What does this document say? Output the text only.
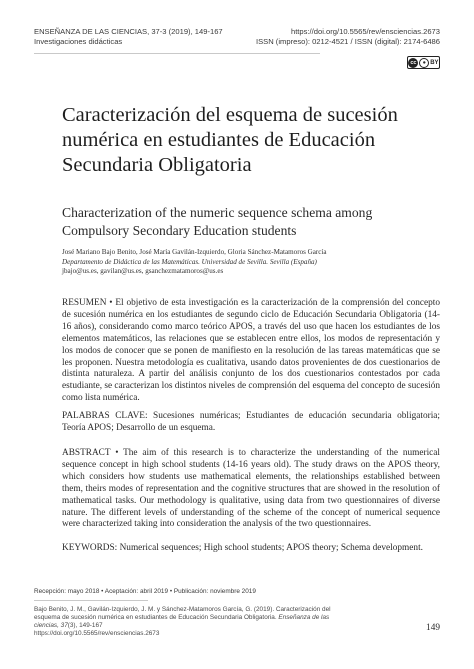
ENSEÑANZA DE LAS CIENCIAS, 37-3 (2019), 149-167
Investigaciones didácticas
https://doi.org/10.5565/rev/ensciencias.2673
ISSN (impreso): 0212-4521 / ISSN (digital): 2174-6486
cc	● BY
Caracterización del esquema de sucesión numérica en estudiantes de Educación Secundaria Obligatoria
Characterization of the numeric sequence schema among Compulsory Secondary Education students
José Mariano Bajo Benito, José María Gavilán-Izquierdo, Gloria Sánchez-Matamoros García
Departamento de Didáctica de las Matemáticas. Universidad de Sevilla. Sevilla (España)
jbajo@us.es, gavilan@us.es, gsanchezmatamoros@us.es
RESUMEN • El objetivo de esta investigación es la caracterización de la comprensión del concepto de sucesión numérica en los estudiantes de segundo ciclo de Educación Secundaria Obligatoria (14-16 años), considerando como marco teórico APOS, a través del uso que hacen los estudiantes de los elementos matemáticos, las relaciones que se establecen entre ellos, los modos de representación y los modos de conocer que se ponen de manifiesto en la resolución de las tareas matemáticas que se les proponen. Nuestra metodología es cualitativa, usando datos provenientes de dos cuestionarios de distinta naturaleza. A partir del análisis conjunto de los dos cuestionarios contestados por cada estudiante, se caracterizan los distintos niveles de comprensión del esquema del concepto de sucesión como lista numérica.
PALABRAS CLAVE: Sucesiones numéricas; Estudiantes de educación secundaria obligatoria; Teoría APOS; Desarrollo de un esquema.
ABSTRACT • The aim of this research is to characterize the understanding of the numerical sequence concept in high school students (14-16 years old). The study draws on the APOS theory, which considers how students use mathematical elements, the relationships established between them, theirs modes of representation and the cognitive structures that are showed in the resolution of mathematical tasks. Our methodology is qualitative, using data from two questionnaires of diverse nature. The different levels of understanding of the scheme of the concept of numerical sequence were characterized taking into consideration the analysis of the two questionnaires.
KEYWORDS: Numerical sequences; High school students; APOS theory; Schema development.
Recepción: mayo 2018 • Aceptación: abril 2019 • Publicación: noviembre 2019
Bajo Benito, J. M., Gavilán-Izquierdo, J. M. y Sánchez-Matamoros García, G. (2019). Caracterización del esquema de sucesión numérica en estudiantes de Educación Secundaria Obligatoria. Enseñanza de las ciencias, 37(3), 149-167
https://doi.org/10.5565/rev/ensciencias.2673
149
